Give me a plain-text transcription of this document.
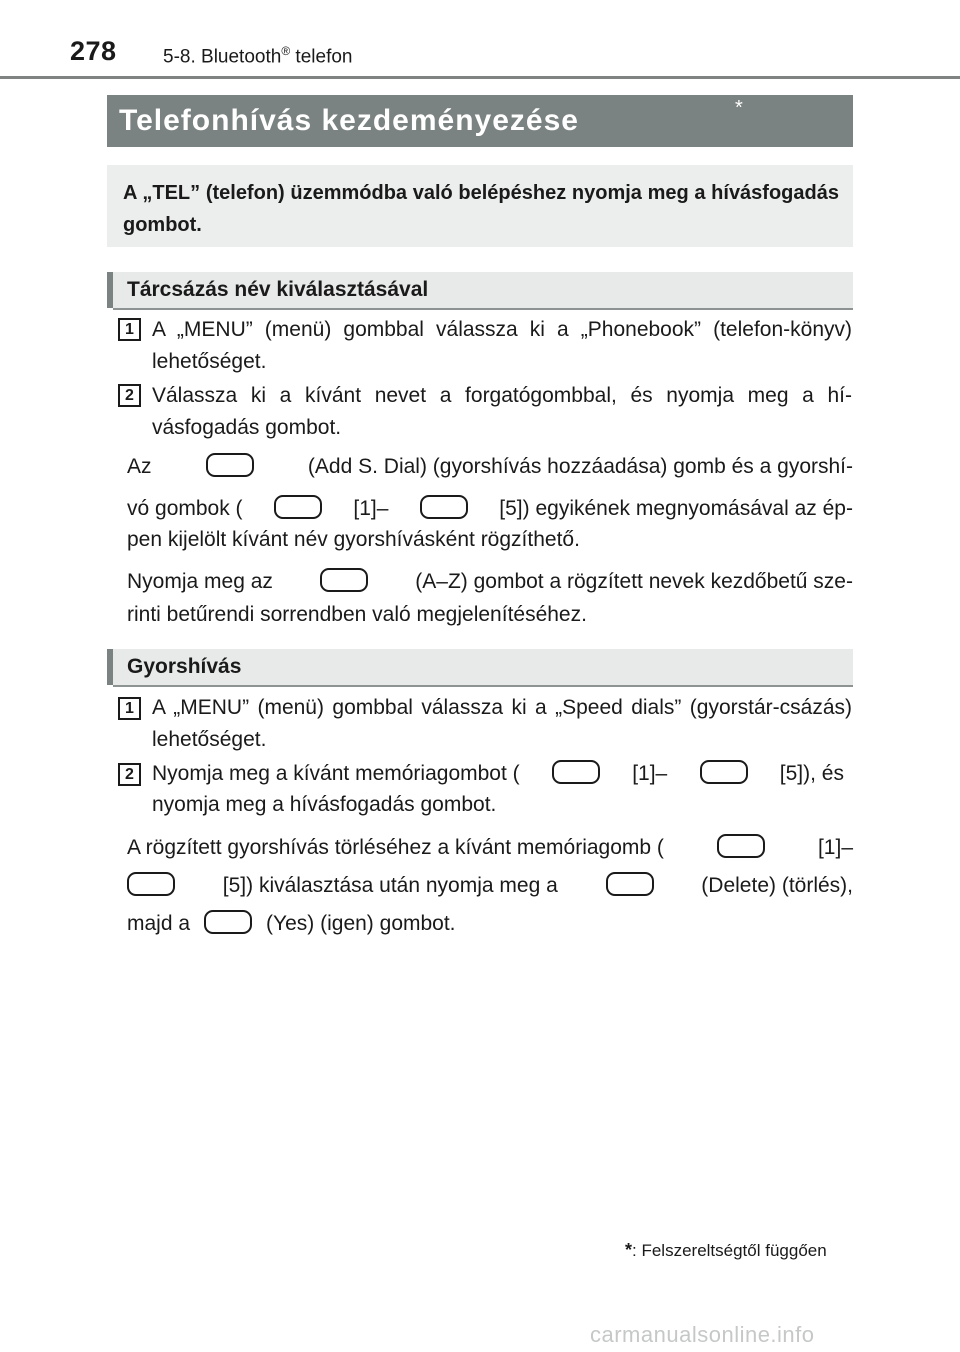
278 5-8. Bluetooth® telefon
Telefonhívás kezdeményezése	*
A „TEL” (telefon) üzemmódba való belépéshez nyomja meg a hívásfogadás gombot.
Tárcsázás név kiválasztásával
1 A „MENU” (menü) gombbal válassza ki a „Phonebook” (telefon-könyv) lehetőséget.
2 Válassza ki a kívánt nevet a forgatógombbal, és nyomja meg a hí-vásfogadás gombot.
Az	(Add S. Dial) (gyorshívás hozzáadása) gomb és a gyorshí-
vó gombok (	[1]–	[5]) egyikének megnyomásával az ép-
pen kijelölt kívánt név gyorshívásként rögzíthető.
Nyomja meg az	(A–Z) gombot a rögzített nevek kezdőbetű sze-
rinti betűrendi sorrendben való megjelenítéséhez.
Gyorshívás
1 A „MENU” (menü) gombbal válassza ki a „Speed dials” (gyorstár-csázás) lehetőséget.
2 Nyomja meg a kívánt memóriagombot (	[1]–	[5]), és
nyomja meg a hívásfogadás gombot.
A rögzített gyorshívás törléséhez a kívánt memóriagomb (	[1]–
[5]) kiválasztása után nyomja meg a	(Delete) (törlés),
majd a	(Yes) (igen) gombot.
*: Felszereltségtől függően
carmanualsonline.info
